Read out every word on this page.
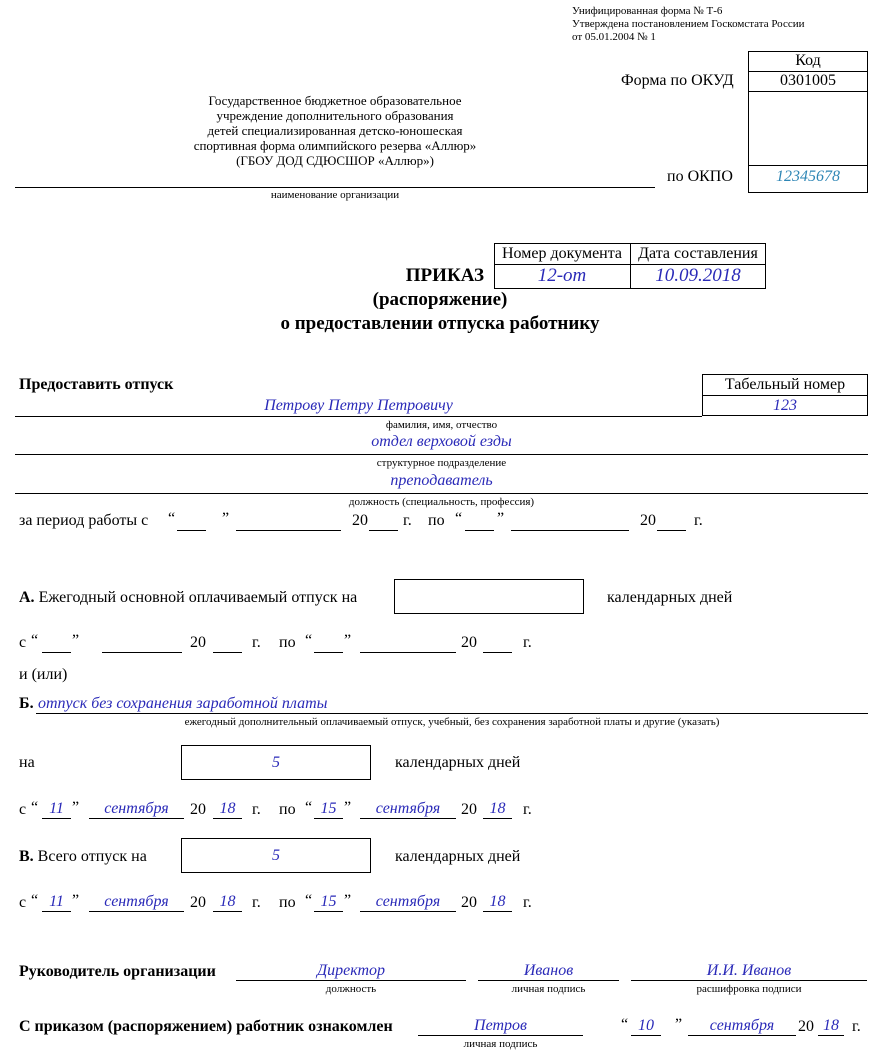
Унифицированная форма № Т-6
Утверждена постановлением Госкомстата России
от 05.01.2004 № 1
Код
0301005
12345678
Форма по ОКУД
по ОКПО
Государственное бюджетное образовательное
учреждение дополнительного образования
детей специализированная детско-юношеская
спортивная форма олимпийского резерва «Аллюр»
(ГБОУ ДОД СДЮСШОР «Аллюр»)
наименование организации
Номер документа	Дата составления
12-от	10.09.2018
ПРИКАЗ
(распоряжение)
о предоставлении отпуска работнику
Предоставить отпуск	Табельный номер
123
Петрову Петру Петровичу
фамилия, имя, отчество
отдел верховой езды
структурное подразделение
преподаватель
должность (специальность, профессия)
за период работы с “	”	20 г. по “ ”	20 г.
А. Ежегодный основной оплачиваемый отпуск на	календарных дней
с “ ”	20	г. по “ ”	20	г.
и (или)
Б. отпуск без сохранения заработной платы
ежегодный дополнительный оплачиваемый отпуск, учебный, без сохранения заработной платы и другие (указать)
на	5	календарных дней
с “ 11 ”	сентября	20 18	г. по “ 15 ”	сентября	20 18	г.
В. Всего отпуск на	5	календарных дней
с “ 11 ”	сентября	20 18	г. по “ 15 ”	сентября	20 18	г.
Руководитель организации	Директор
должность
Иванов
личная подпись
И.И. Иванов
расшифровка подписи
С приказом (распоряжением) работник ознакомлен	Петров
личная подпись
“ 10	”	сентября	20 18 г.
